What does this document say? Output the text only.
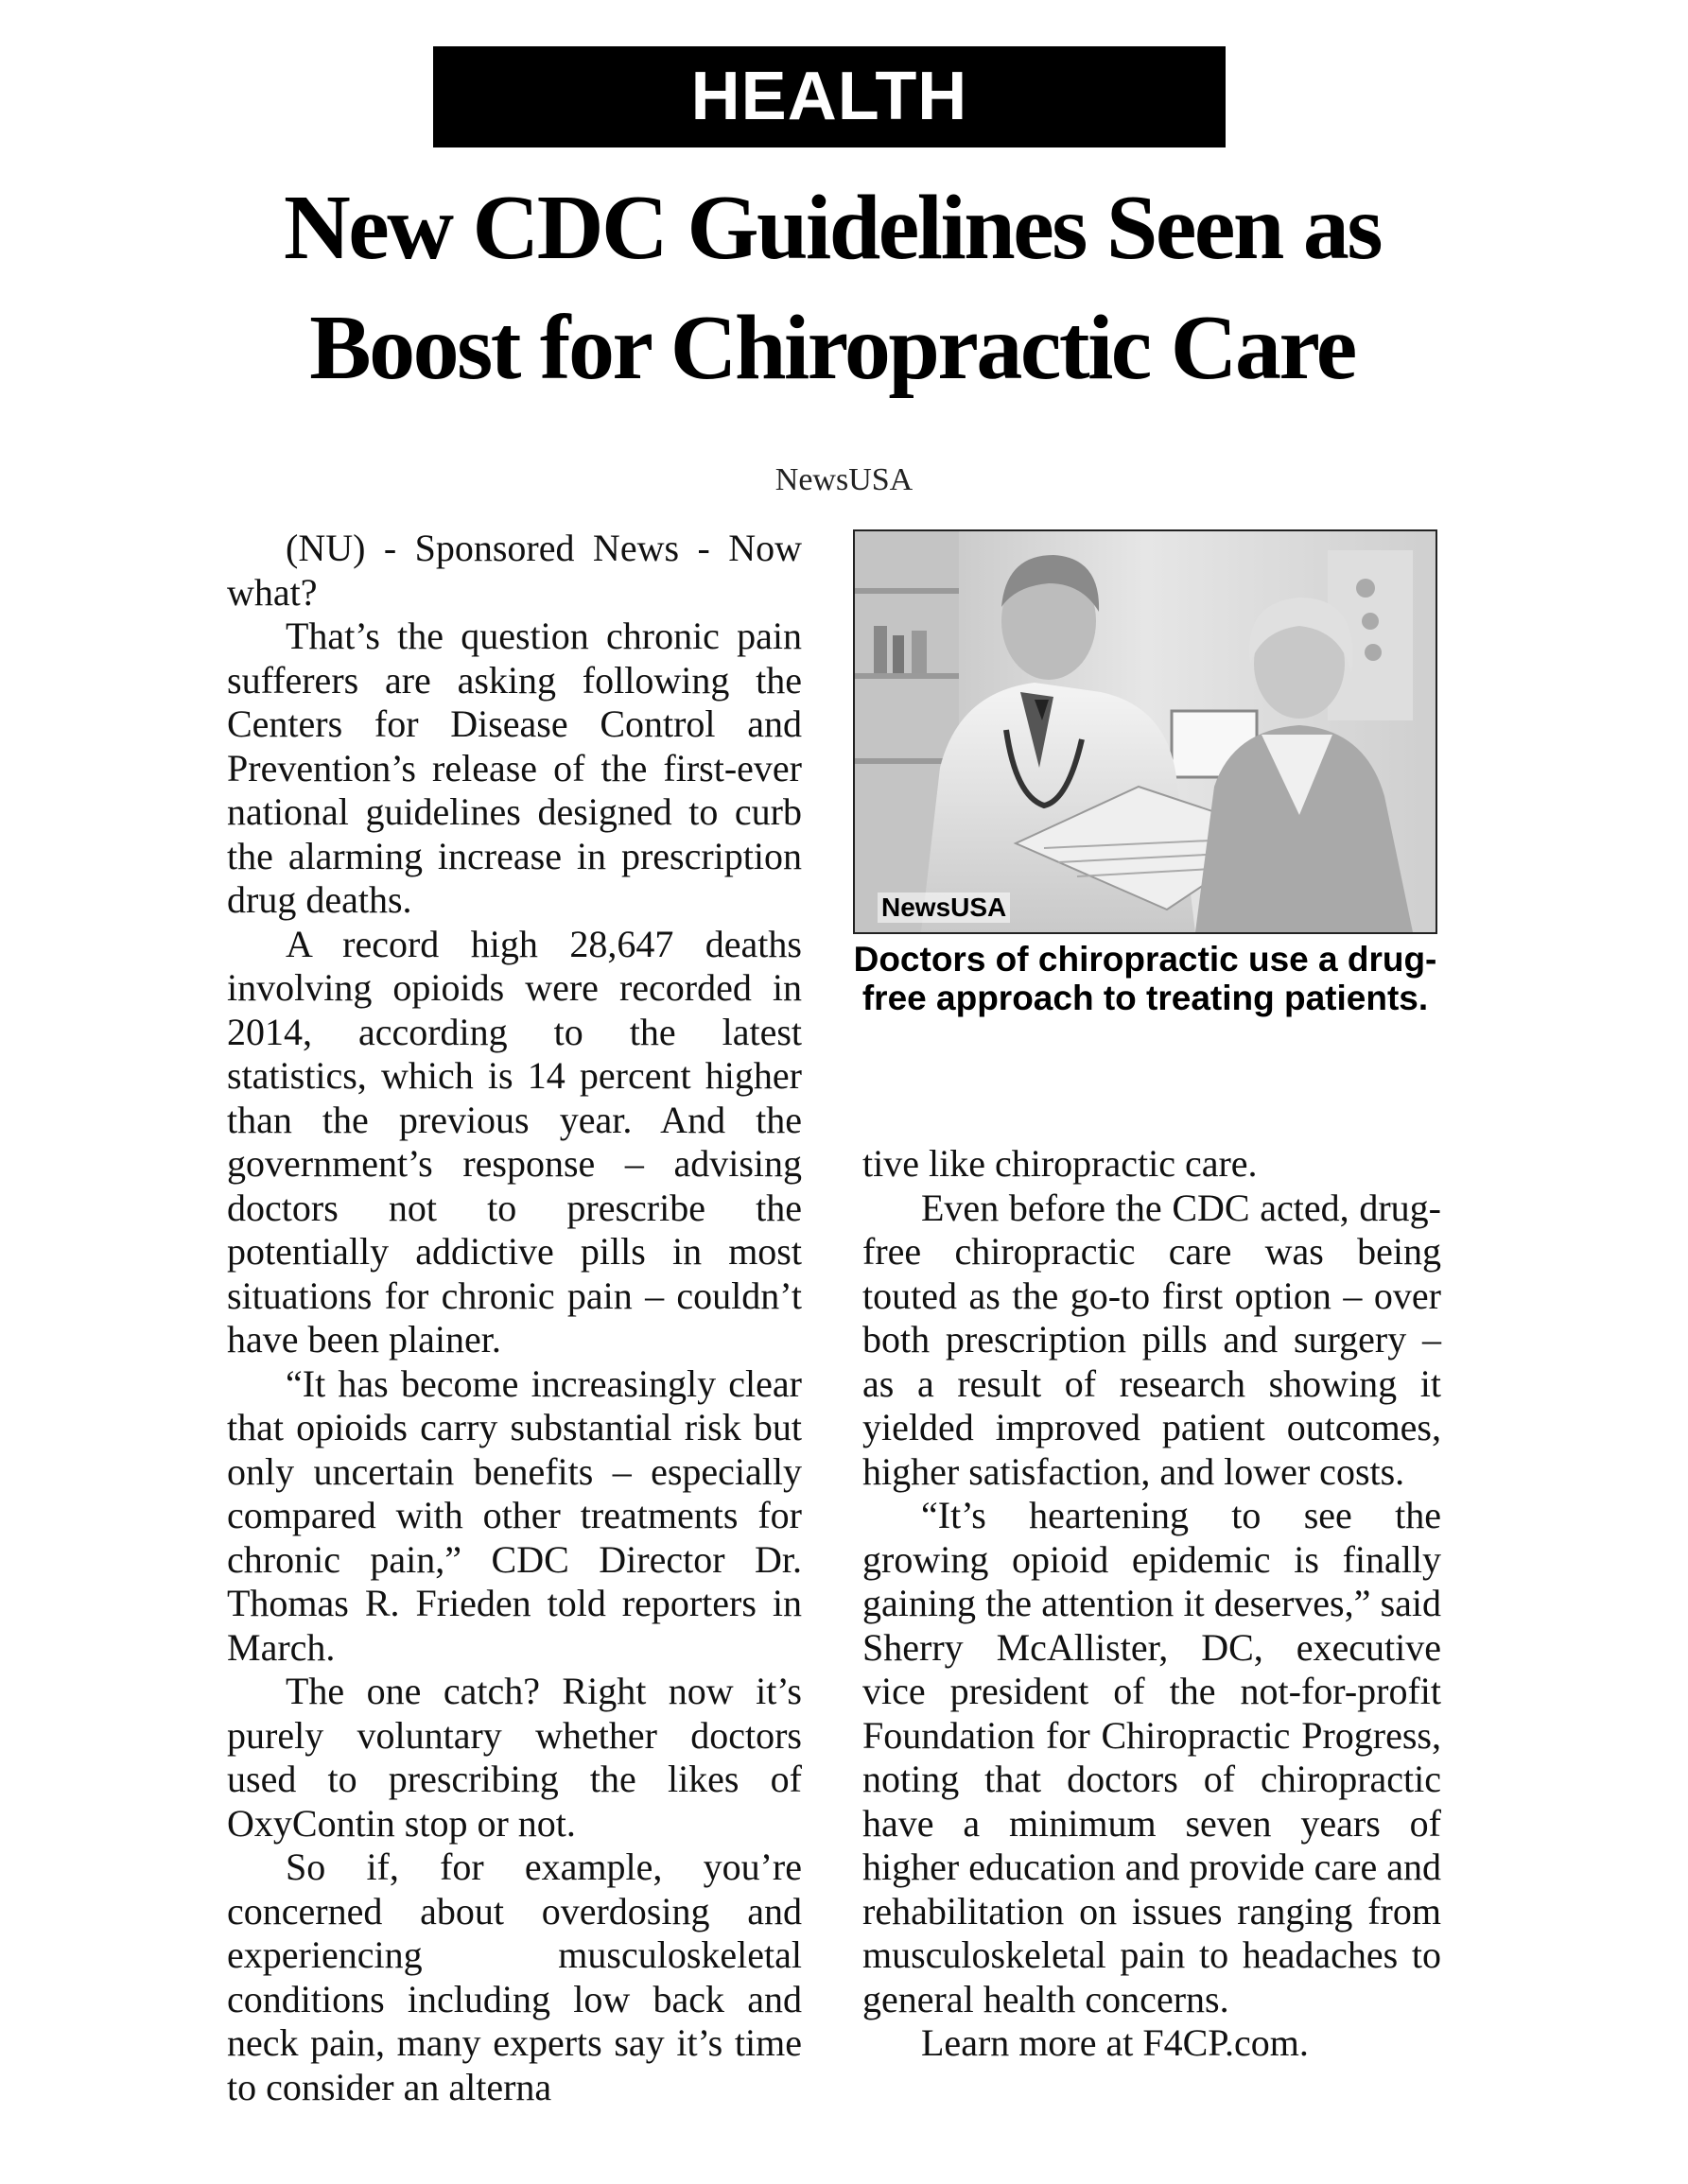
HEALTH
New CDC Guidelines Seen as
Boost for Chiropractic Care
NewsUSA

(NU) - Sponsored News - Now what?

That’s the question chronic pain sufferers are asking following the Centers for Disease Control and Prevention’s release of the first-ever national guidelines designed to curb the alarming increase in prescription drug deaths.

A record high 28,647 deaths involving opioids were recorded in 2014, according to the latest statistics, which is 14 percent higher than the previous year. And the government’s response – advising doctors not to prescribe the potentially addictive pills in most situations for chronic pain – couldn’t have been plainer.

“It has become increasingly clear that opioids carry substantial risk but only uncertain benefits – especially compared with other treatments for chronic pain,” CDC Director Dr. Thomas R. Frieden told reporters in March.

The one catch? Right now it’s purely voluntary whether doctors used to prescribing the likes of OxyContin stop or not.

So if, for example, you’re concerned about overdosing and experiencing musculoskeletal conditions including low back and neck pain, many experts say it’s time to consider an alterna

NewsUSA
Doctors of chiropractic use a drug-free approach to treating patients.

tive like chiropractic care.

Even before the CDC acted, drug-free chiropractic care was being touted as the go-to first option – over both prescription pills and surgery – as a result of research showing it yielded improved patient outcomes, higher satisfaction, and lower costs.

“It’s heartening to see the growing opioid epidemic is finally gaining the attention it deserves,” said Sherry McAllister, DC, executive vice president of the not-for-profit Foundation for Chiropractic Progress, noting that doctors of chiropractic have a minimum seven years of higher education and provide care and rehabilitation on issues ranging from musculoskeletal pain to headaches to general health concerns.

Learn more at F4CP.com.
